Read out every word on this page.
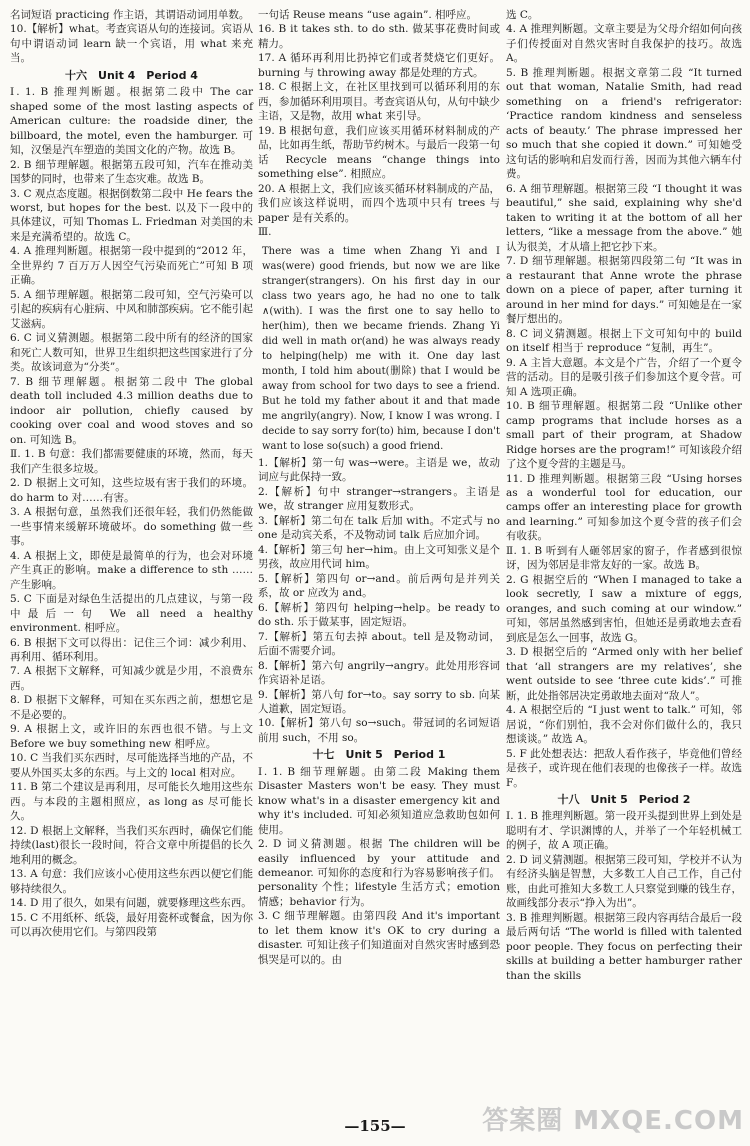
名词短语 practicing 作主语，其谓语动词用单数。

10.【解析】what。考查宾语从句的连接词。宾语从句中谓语动词 learn 缺一个宾语，用 what 来充当。

十六　Unit 4　Period 4

Ⅰ. 1. B 推理判断题。根据第二段中 The car shaped some of the most lasting aspects of American culture: the roadside diner, the billboard, the motel, even the hamburger. 可知，汉堡是汽车塑造的美国文化的产物。故选 B。

2. B 细节理解题。根据第五段可知，汽车在推动美国梦的同时，也带来了生态灾难。故选 B。

3. C 观点态度题。根据倒数第二段中 He fears the worst, but hopes for the best. 以及下一段中的具体建议，可知 Thomas L. Friedman 对美国的未来是充满希望的。故选 C。

4. A 推理判断题。根据第一段中提到的“2012 年，全世界约 7 百万万人因空气污染而死亡”可知 B 项正确。

5. A 细节理解题。根据第二段可知，空气污染可以引起的疾病有心脏病、中风和肺部疾病。它不能引起艾滋病。

6. C 词义猜测题。根据第二段中所有的经济的国家和死亡人数可知，世界卫生组织把这些国家进行了分类。故该词意为“分类”。

7. B 细节理解题。根据第二段中 The global death toll included 4.3 million deaths due to indoor air pollution, chiefly caused by cooking over coal and wood stoves and so on. 可知选 B。

Ⅱ. 1. B 句意：我们都需要健康的环境，然而，每天我们产生很多垃圾。

2. D 根据上文可知，这些垃圾有害于我们的环境。do harm to 对……有害。

3. A 根据句意，虽然我们还很年轻，我们仍然能做一些事情来缓解环境破坏。do something 做一些事。

4. A 根据上文，即使是最简单的行为，也会对环境产生真正的影响。make a difference to sth ……产生影响。

5. C 下面是对绿色生活提出的几点建议，与第一段中最后一句 We all need a healthy environment. 相呼应。

6. B 根据下文可以得出：记住三个词：减少利用、再利用、循环利用。

7. A 根据下文解释，可知减少就是少用，不浪费东西。

8. D 根据下文解释，可知在买东西之前，想想它是不是必要的。

9. A 根据上文，或许旧的东西也很不错。与上文 Before we buy something new 相呼应。

10. C 当我们买东西时，尽可能选择当地的产品，不要从外国买太多的东西。与上文的 local 相对应。

11. B 第二个建议是再利用，尽可能长久地用这些东西。与本段的主题相照应，as long as 尽可能长久。

12. D 根据上文解释，当我们买东西时，确保它们能持续(last)很长一段时间，符合文章中所提倡的长久地利用的概念。

13. A 句意：我们应该小心使用这些东西以便它们能够持续很久。

14. D 用了很久，如果有问题，就要修理这些东西。

15. C 不用纸杯、纸袋，最好用瓷杯或餐盒，因为你可以再次使用它们。与第四段第

一句话 Reuse means “use again”. 相呼应。

16. B it takes sth. to do sth. 做某事花费时间或精力。

17. A 循环再利用比扔掉它们或者焚烧它们更好。burning 与 throwing away 都是处理的方式。

18. C 根据上文，在社区里找到可以循环利用的东西，参加循环利用项目。考查宾语从句，从句中缺少主语，又是物，故用 what 来引导。

19. B 根据句意，我们应该买用循环材料制成的产品，比如再生纸，帮助节约树木。与最后一段第一句话 Recycle means “change things into something else”. 相照应。

20. A 根据上文，我们应该买循环材料制成的产品，我们应该这样说明，而四个选项中只有 trees 与 paper 是有关系的。

Ⅲ.

There was a time when Zhang Yi and I was(were) good friends, but now we are like stranger(strangers). On his first day in our class two years ago, he had no one to talk ∧(with). I was the first one to say hello to her(him), then we became friends. Zhang Yi did well in math or(and) he was always ready to helping(help) me with it. One day last month, I told him about(删除) that I would be away from school for two days to see a friend. But he told my father about it and that made me angrily(angry). Now, I know I was wrong. I decide to say sorry for(to) him, because I don't want to lose so(such) a good friend.

1.【解析】第一句 was→were。主语是 we，故动词应与此保持一致。

2.【解析】句中 stranger→strangers。主语是 we，故 stranger 应用复数形式。

3.【解析】第二句在 talk 后加 with。不定式与 no one 是动宾关系，不及物动词 talk 后应加介词。

4.【解析】第三句 her→him。由上文可知张义是个男孩，故应用代词 him。

5.【解析】第四句 or→and。前后两句是并列关系，故 or 应改为 and。

6.【解析】第四句 helping→help。be ready to do sth. 乐于做某事，固定短语。

7.【解析】第五句去掉 about。tell 是及物动词，后面不需要介词。

8.【解析】第六句 angrily→angry。此处用形容词作宾语补足语。

9.【解析】第八句 for→to。say sorry to sb. 向某人道歉，固定短语。

10.【解析】第八句 so→such。带冠词的名词短语前用 such，不用 so。

十七　Unit 5　Period 1

Ⅰ. 1. B 细节理解题。由第二段 Making them Disaster Masters won't be easy. They must know what's in a disaster emergency kit and why it's included. 可知必须知道应急救助包如何使用。

2. D 词义猜测题。根据 The children will be easily influenced by your attitude and demeanor. 可知你的态度和行为容易影响孩子们。personality 个性；lifestyle 生活方式；emotion 情感；behavior 行为。

3. C 细节理解题。由第四段 And it's important to let them know it's OK to cry during a disaster. 可知让孩子们知道面对自然灾害时感到恐惧哭是可以的。由

选 C。

4. A 推理判断题。文章主要是为父母介绍如何向孩子们传授面对自然灾害时自我保护的技巧。故选 A。

5. B 推理判断题。根据文章第二段 “It turned out that woman, Natalie Smith, had read something on a friend's refrigerator: ‘Practice random kindness and senseless acts of beauty.’ The phrase impressed her so much that she copied it down.” 可知她受这句话的影响和启发而行善，因而为其他六辆车付费。

6. A 细节理解题。根据第三段 “I thought it was beautiful,” she said, explaining why she'd taken to writing it at the bottom of all her letters, “like a message from the above.” 她认为很美，才从墙上把它抄下来。

7. D 细节理解题。根据第四段第二句 “It was in a restaurant that Anne wrote the phrase down on a piece of paper, after turning it around in her mind for days.” 可知她是在一家餐厅想出的。

8. C 词义猜测题。根据上下文可知句中的 build on itself 相当于 reproduce “复制，再生”。

9. A 主旨大意题。本文是个广告，介绍了一个夏令营的活动。目的是吸引孩子们参加这个夏令营。可知 A 选项正确。

10. B 细节理解题。根据第二段 “Unlike other camp programs that include horses as a small part of their program, at Shadow Ridge horses are the program!” 可知该段介绍了这个夏令营的主题是马。

11. D 推理判断题。根据第三段 “Using horses as a wonderful tool for education, our camps offer an interesting place for growth and learning.” 可知参加这个夏令营的孩子们会有收获。

Ⅱ. 1. B 听到有人砸邻居家的窗子，作者感到很惊讶，因为邻居是非常友好的一家。故选 B。

2. G 根据空后的 “When I managed to take a look secretly, I saw a mixture of eggs, oranges, and such coming at our window.” 可知，邻居虽然感到害怕，但她还是勇敢地去查看到底是怎么一回事，故选 G。

3. D 根据空后的 “Armed only with her belief that ‘all strangers are my relatives’, she went outside to see ‘three cute kids’.” 可推断，此处指邻居决定勇敢地去面对“敌人”。

4. A 根据空后的 “I just went to talk.” 可知，邻居说，“你们别怕，我不会对你们做什么的，我只想谈谈。” 故选 A。

5. F 此处想表达：把敌人看作孩子，毕竟他们曾经是孩子，或许现在他们表现的也像孩子一样。故选 F。

十八　Unit 5　Period 2

Ⅰ. 1. B 推理判断题。第一段开头提到世界上到处是聪明有才、学识渊博的人，并举了一个年轻机械工的例子，故 A 项正确。

2. D 词义猜测题。根据第三段可知，学校并不认为有经济头脑是智慧，大多数工人自己工作，自己付账，由此可推知大多数工人只察觉到赚的钱生存，故画线部分表示“挣入为出”。

3. B 推理判断题。根据第三段内容再结合最后一段最后两句话 “The world is filled with talented poor people. They focus on perfecting their skills at building a better hamburger rather than the skills

—155—	答案圈 MXQE.COM
